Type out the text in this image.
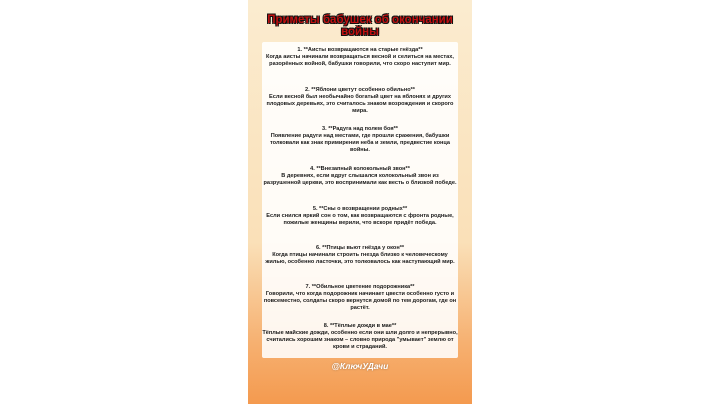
Приметы бабушек об окончании войны
1. **Аисты возвращаются на старые гнёзда**
Когда аисты начинали возвращаться весной и селиться на местах, разорённых войной, бабушки говорили, что скоро наступит мир.
2. **Яблони цветут особенно обильно**
Если весной был необычайно богатый цвет на яблонях и других плодовых деревьях, это считалось знаком возрождения и скорого мира.
3. **Радуга над полем боя**
Появление радуги над местами, где прошли сражения, бабушки толковали как знак примирения неба и земли, предвестие конца войны.
4. **Внезапный колокольный звон**
В деревнях, если вдруг слышался колокольный звон из разрушенной церкви, это воспринимали как весть о близкой победе.
5. **Сны о возвращении родных**
Если снился яркий сон о том, как возвращаются с фронта родные, пожилые женщины верили, что вскоре придёт победа.
6. **Птицы вьют гнёзда у окон**
Когда птицы начинали строить гнезда близко к человеческому жилью, особенно ласточки, это толковалось как наступающий мир.
7. **Обильное цветение подорожника**
Говорили, что когда подорожник начинает цвести особенно густо и повсеместно, солдаты скоро вернутся домой по тем дорогам, где он растёт.
8. **Тёплые дожди в мае**
Тёплые майские дожди, особенно если они шли долго и непрерывно, считались хорошим знаком – словно природа "умывает" землю от крови и страданий.
@КлючУДачи
